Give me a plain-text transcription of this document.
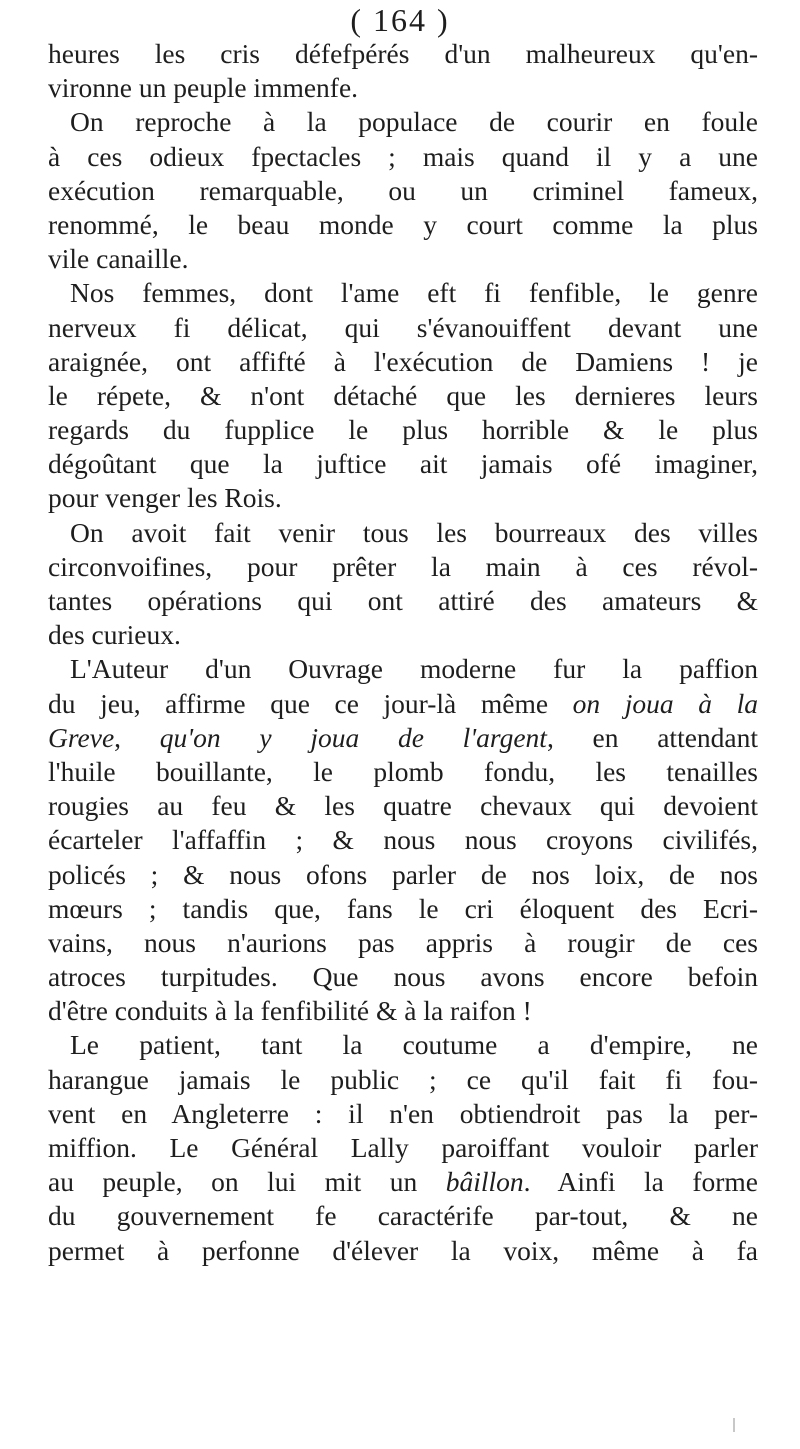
( 164 )
heures les cris défefpérés d'un malheureux qu'en-
vironne un peuple immenfe.
On reproche à la populace de courir en foule
à ces odieux fpectacles ; mais quand il y a une
exécution remarquable, ou un criminel fameux,
renommé, le beau monde y court comme la plus
vile canaille.
Nos femmes, dont l'ame eft fi fenfible, le genre
nerveux fi délicat, qui s'évanouiffent devant une
araignée, ont affifté à l'exécution de Damiens ! je
le répete, & n'ont détaché que les dernieres leurs
regards du fupplice le plus horrible & le plus
dégoûtant que la juftice ait jamais ofé imaginer,
pour venger les Rois.
On avoit fait venir tous les bourreaux des villes
circonvoifines, pour prêter la main à ces révol-
tantes opérations qui ont attiré des amateurs &
des curieux.
L'Auteur d'un Ouvrage moderne fur la paffion
du jeu, affirme que ce jour-là même on joua à la
Greve, qu'on y joua de l'argent, en attendant
l'huile bouillante, le plomb fondu, les tenailles
rougies au feu & les quatre chevaux qui devoient
écarteler l'affaffin ; & nous nous croyons civilifés,
policés ; & nous ofons parler de nos loix, de nos
mœurs ; tandis que, fans le cri éloquent des Ecri-
vains, nous n'aurions pas appris à rougir de ces
atroces turpitudes. Que nous avons encore befoin
d'être conduits à la fenfibilité & à la raifon !
Le patient, tant la coutume a d'empire, ne
harangue jamais le public ; ce qu'il fait fi fou-
vent en Angleterre : il n'en obtiendroit pas la per-
miffion. Le Général Lally paroiffant vouloir parler
au peuple, on lui mit un bâillon. Ainfi la forme
du gouvernement fe caractérife par-tout, & ne
permet à perfonne d'élever la voix, même à fa
